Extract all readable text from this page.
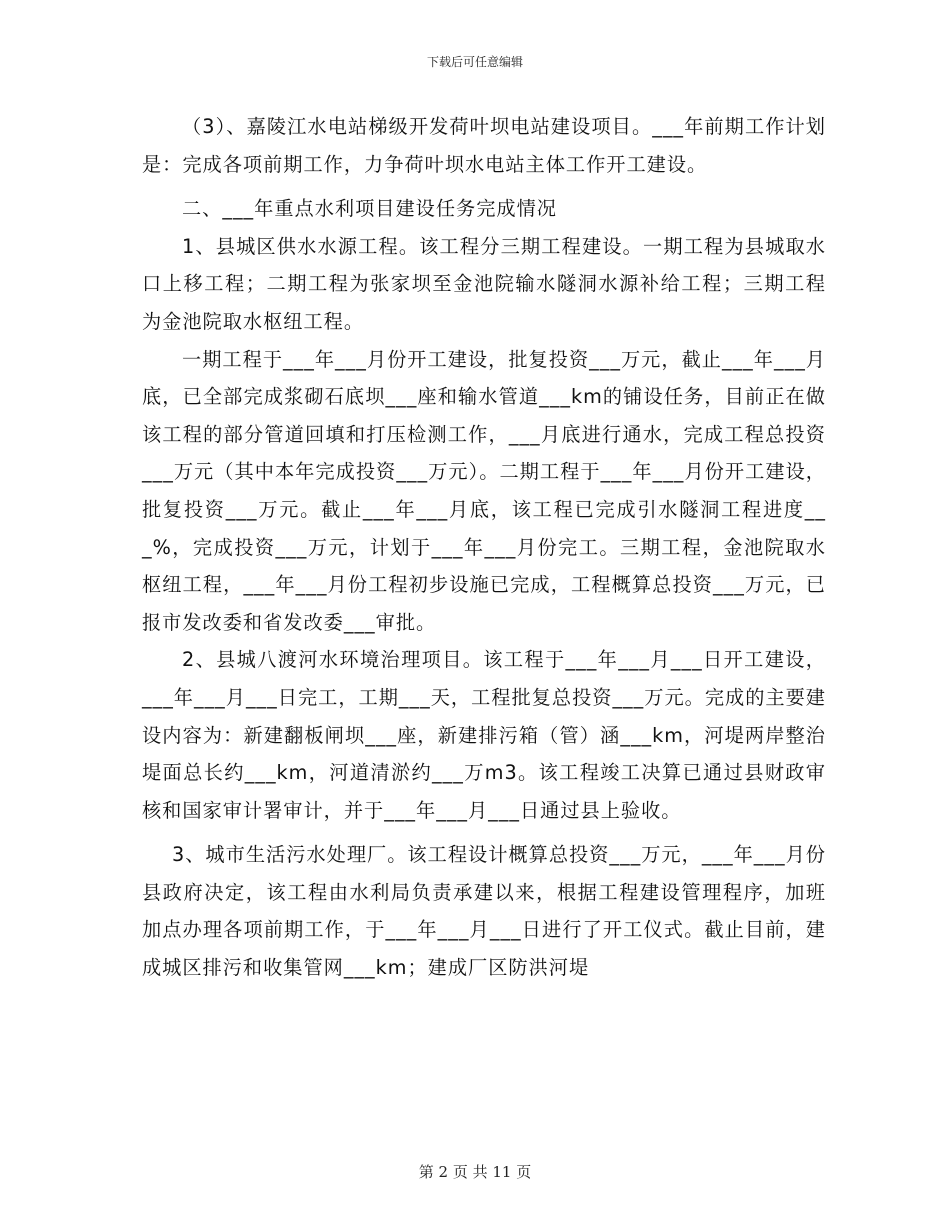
下载后可任意编辑

（3）、嘉陵江水电站梯级开发荷叶坝电站建设项目。___年前期工作计划是：完成各项前期工作，力争荷叶坝水电站主体工作开工建设。

二、___年重点水利项目建设任务完成情况

1、县城区供水水源工程。该工程分三期工程建设。一期工程为县城取水口上移工程；二期工程为张家坝至金池院输水隧洞水源补给工程；三期工程为金池院取水枢纽工程。

一期工程于___年___月份开工建设，批复投资___万元，截止___年___月底，已全部完成浆砌石底坝___座和输水管道___km的铺设任务，目前正在做该工程的部分管道回填和打压检测工作，___月底进行通水，完成工程总投资___万元（其中本年完成投资___万元）。二期工程于___年___月份开工建设，批复投资___万元。截止___年___月底，该工程已完成引水隧洞工程进度___%，完成投资___万元，计划于___年___月份完工。三期工程，金池院取水枢纽工程，___年___月份工程初步设施已完成，工程概算总投资___万元，已报市发改委和省发改委___审批。

2、县城八渡河水环境治理项目。该工程于___年___月___日开工建设，___年___月___日完工，工期___天，工程批复总投资___万元。完成的主要建设内容为：新建翻板闸坝___座，新建排污箱（管）涵___km，河堤两岸整治堤面总长约___km，河道清淤约___万m3。该工程竣工决算已通过县财政审核和国家审计署审计，并于___年___月___日通过县上验收。

3、城市生活污水处理厂。该工程设计概算总投资___万元，___年___月份县政府决定，该工程由水利局负责承建以来，根据工程建设管理程序，加班加点办理各项前期工作，于___年___月___日进行了开工仪式。截止目前，建成城区排污和收集管网___km；建成厂区防洪河堤

第 2 页 共 11 页
